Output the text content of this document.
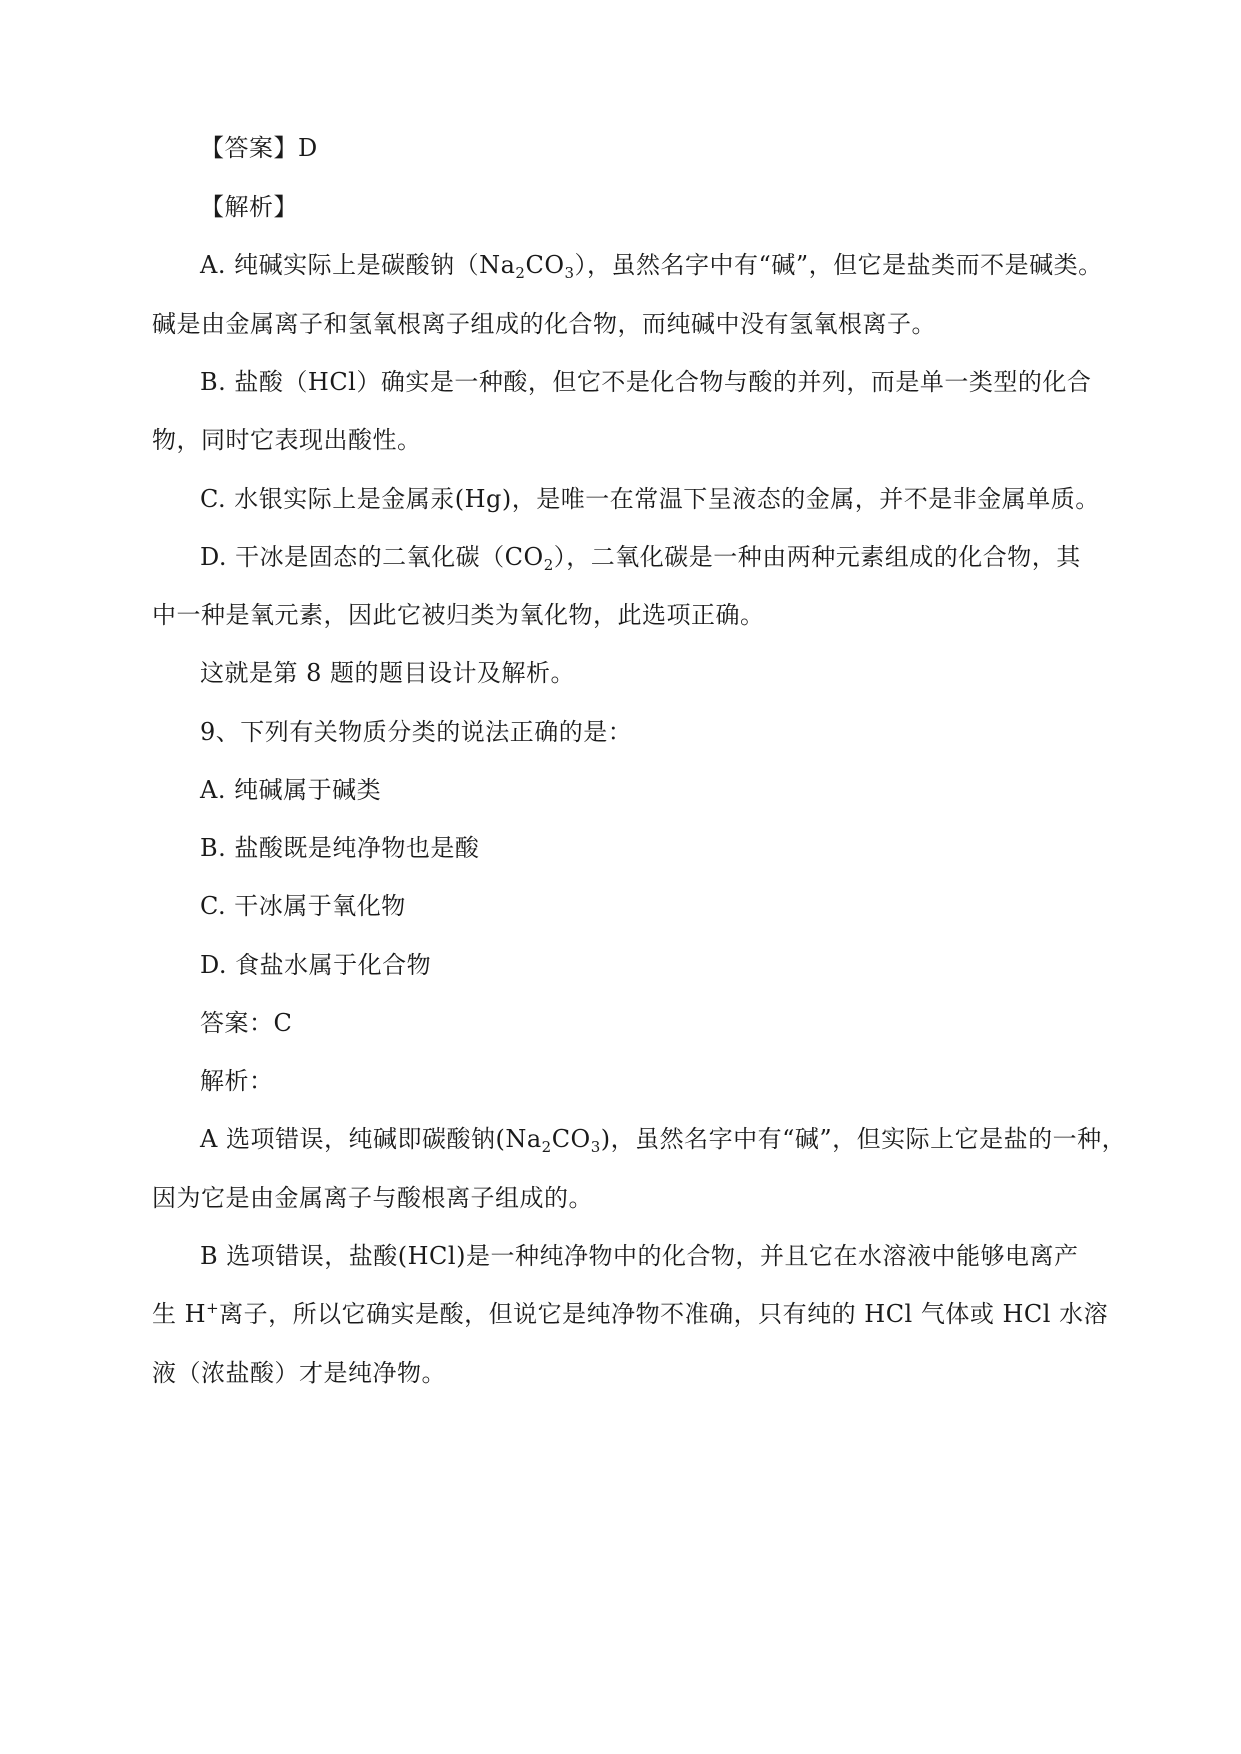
【答案】D
【解析】
A. 纯碱实际上是碳酸钠$(Na_2CO_3)$，虽然名字中有“碱”，但它是盐类而不是碱类。
碱是由金属离子和氢氧根离子组成的化合物，而纯碱中没有氢氧根离子。
B. 盐酸（HCl）确实是一种酸，但它不是化合物与酸的并列，而是单一类型的化合
物，同时它表现出酸性。
C. 水银实际上是金属汞(Hg)，是唯一在常温下呈液态的金属，并不是非金属单质。
D. 干冰是固态的二氧化碳$(CO_2)$，二氧化碳是一种由两种元素组成的化合物，其
中一种是氧元素，因此它被归类为氧化物，此选项正确。
这就是第 8 题的题目设计及解析。
9、下列有关物质分类的说法正确的是：
A. 纯碱属于碱类
B. 盐酸既是纯净物也是酸
C. 干冰属于氧化物
D. 食盐水属于化合物
答案：C
解析：
A 选项错误，纯碱即碳酸钠$(Na_2CO_3)$，虽然名字中有“碱”，但实际上它是盐的一种，
因为它是由金属离子与酸根离子组成的。
B 选项错误，盐酸(HCl)是一种纯净物中的化合物，并且它在水溶液中能够电离产
生 H+离子，所以它确实是酸，但说它是纯净物不准确，只有纯的 HCl 气体或 HCl 水溶
液（浓盐酸）才是纯净物。
